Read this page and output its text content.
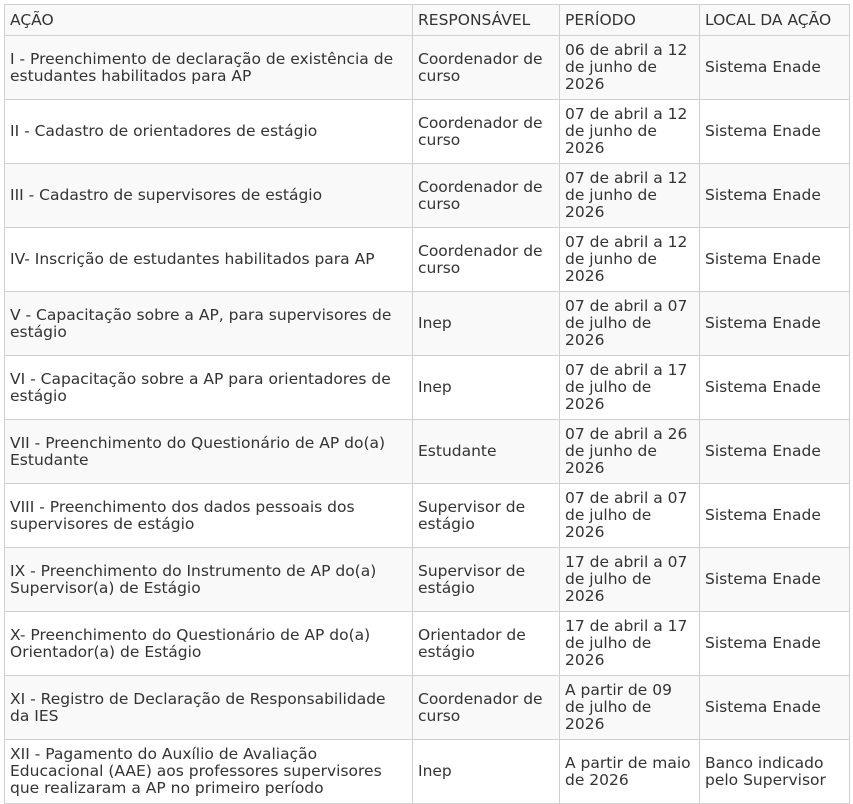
AÇÃO	RESPONSÁVEL	PERÍODO	LOCAL DA AÇÃO
I - Preenchimento de declaração de existência de estudantes habilitados para AP	Coordenador de curso	06 de abril a 12 de junho de 2026	Sistema Enade
II - Cadastro de orientadores de estágio	Coordenador de curso	07 de abril a 12 de junho de 2026	Sistema Enade
III - Cadastro de supervisores de estágio	Coordenador de curso	07 de abril a 12 de junho de 2026	Sistema Enade
IV- Inscrição de estudantes habilitados para AP	Coordenador de curso	07 de abril a 12 de junho de 2026	Sistema Enade
V - Capacitação sobre a AP, para supervisores de estágio	Inep	07 de abril a 07 de julho de 2026	Sistema Enade
VI - Capacitação sobre a AP para orientadores de estágio	Inep	07 de abril a 17 de julho de 2026	Sistema Enade
VII - Preenchimento do Questionário de AP do(a) Estudante	Estudante	07 de abril a 26 de junho de 2026	Sistema Enade
VIII - Preenchimento dos dados pessoais dos supervisores de estágio	Supervisor de estágio	07 de abril a 07 de julho de 2026	Sistema Enade
IX - Preenchimento do Instrumento de AP do(a) Supervisor(a) de Estágio	Supervisor de estágio	17 de abril a 07 de julho de 2026	Sistema Enade
X- Preenchimento do Questionário de AP do(a) Orientador(a) de Estágio	Orientador de estágio	17 de abril a 17 de julho de 2026	Sistema Enade
XI - Registro de Declaração de Responsabilidade da IES	Coordenador de curso	A partir de 09 de julho de 2026	Sistema Enade
XII - Pagamento do Auxílio de Avaliação Educacional (AAE) aos professores supervisores que realizaram a AP no primeiro período	Inep	A partir de maio de 2026	Banco indicado pelo Supervisor
